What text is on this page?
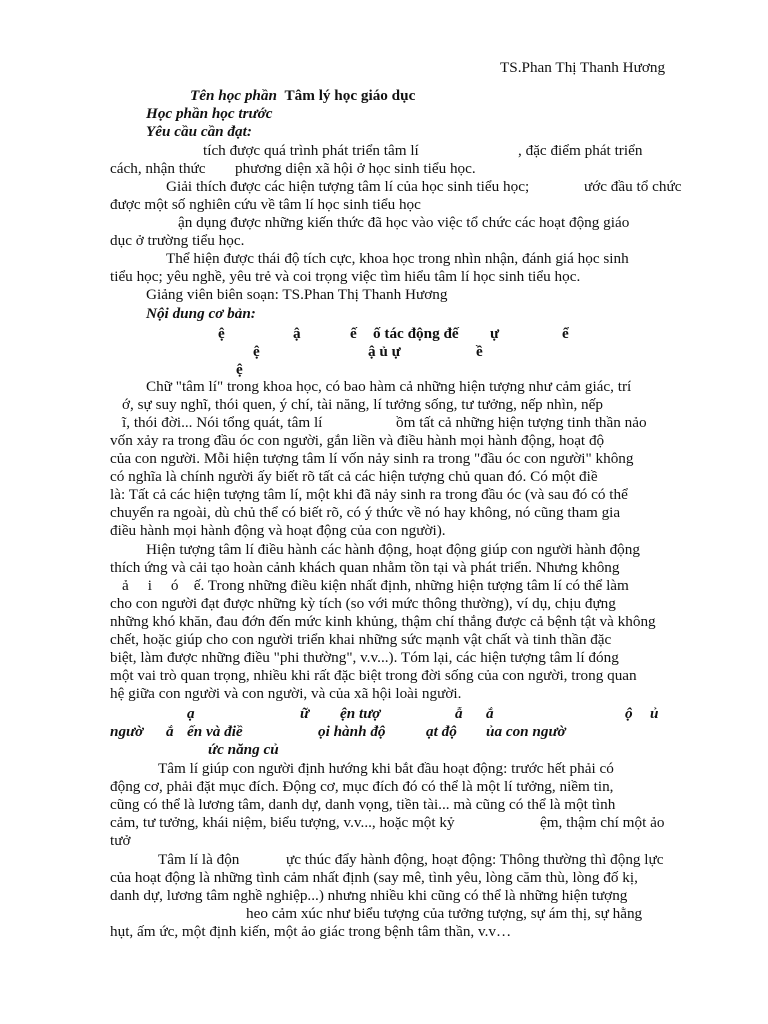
TS.Phan Thị Thanh Hương
Tên học phần Tâm lý học giáo dục
Học phần học trước
Yêu cầu cần đạt:
tích được quá trình phát triển tâm lí	, đặc điểm phát triển
cách, nhận thức phương diện xã hội ở học sinh tiểu học.
Giải thích được các hiện tượng tâm lí của học sinh tiểu học;	ước đầu tổ chức
được một số nghiên cứu về tâm lí học sinh tiểu học
ận dụng được những kiến thức đã học vào việc tổ chức các hoạt động giáo
dục ở trường tiểu học.
Thể hiện được thái độ tích cực, khoa học trong nhìn nhận, đánh giá học sinh
tiểu học; yêu nghề, yêu trẻ và coi trọng việc tìm hiểu tâm lí học sinh tiểu học.
Giảng viên biên soạn: TS.Phan Thị Thanh Hương
Nội dung cơ bản:
ệ	ậ	ế ố tác động đế ự	ể
ệ	ậ ủ ự	ề
ệ
Chữ "tâm lí" trong khoa học, có bao hàm cả những hiện tượng như cảm giác, trí
ớ, sự suy nghĩ, thói quen, ý chí, tài năng, lí tưởng sống, tư tưởng, nếp nhìn, nếp
ĩ, thói đời... Nói tổng quát, tâm lí	ồm tất cả những hiện tượng tinh thần nảo
vốn xảy ra trong đầu óc con người, gắn liền và điều hành mọi hành động, hoạt độ
của con người. Mỗi hiện tượng tâm lí vốn nảy sinh ra trong "đầu óc con người" không
có nghĩa là chính người ấy biết rõ tất cả các hiện tượng chủ quan đó. Có một điề
là: Tất cả các hiện tượng tâm lí, một khi đã nảy sinh ra trong đầu óc (và sau đó có thể
chuyển ra ngoài, dù chủ thể có biết rõ, có ý thức về nó hay không, nó cũng tham gia
điều hành mọi hành động và hoạt động của con người).
Hiện tượng tâm lí điều hành các hành động, hoạt động giúp con người hành động
thích ứng và cải tạo hoàn cảnh khách quan nhằm tồn tại và phát triển. Nhưng không
ả     i     ó    ế. Trong những điều kiện nhất định, những hiện tượng tâm lí có thể làm
cho con người đạt được những kỳ tích (so với mức thông thường), ví dụ, chịu đựng
những khó khăn, đau đớn đến mức kinh khủng, thậm chí thắng được cả bệnh tật và không
chết, hoặc giúp cho con người triển khai những sức mạnh vật chất và tinh thần đặc
biệt, làm được những điều "phi thường", v.v...). Tóm lại, các hiện tượng tâm lí đóng
một vai trò quan trọng, nhiều khi rất đặc biệt trong đời sống của con người, trong quan
hệ giữa con người và con người, và của xã hội loài người.
ạ	ữ ện tượ	ẫ ắ	ộ ủ
ngườ ắ ến và điề	ọi hành độ	ạt độ ủa con ngườ
ức năng củ
Tâm lí giúp con người định hướng khi bắt đầu hoạt động: trước hết phải có
động cơ, phải đặt mục đích. Động cơ, mục đích đó có thể là một lí tưởng, niềm tin,
cũng có thể là lương tâm, danh dự, danh vọng, tiền tài... mà cũng có thể là một tình
cảm, tư tưởng, khái niệm, biểu tượng, v.v..., hoặc một kỷ	ệm, thậm chí một ảo
tưở
Tâm lí là độn	ực thúc đẩy hành động, hoạt động: Thông thường thì động lực
của hoạt động là những tình cảm nhất định (say mê, tình yêu, lòng căm thù, lòng đố kị,
danh dự, lương tâm nghề nghiệp...) nhưng nhiều khi cũng có thể là những hiện tượng
heo cảm xúc như biểu tượng của tưởng tượng, sự ám thị, sự hằng
hụt, ấm ức, một định kiến, một ảo giác trong bệnh tâm thần, v.v…
